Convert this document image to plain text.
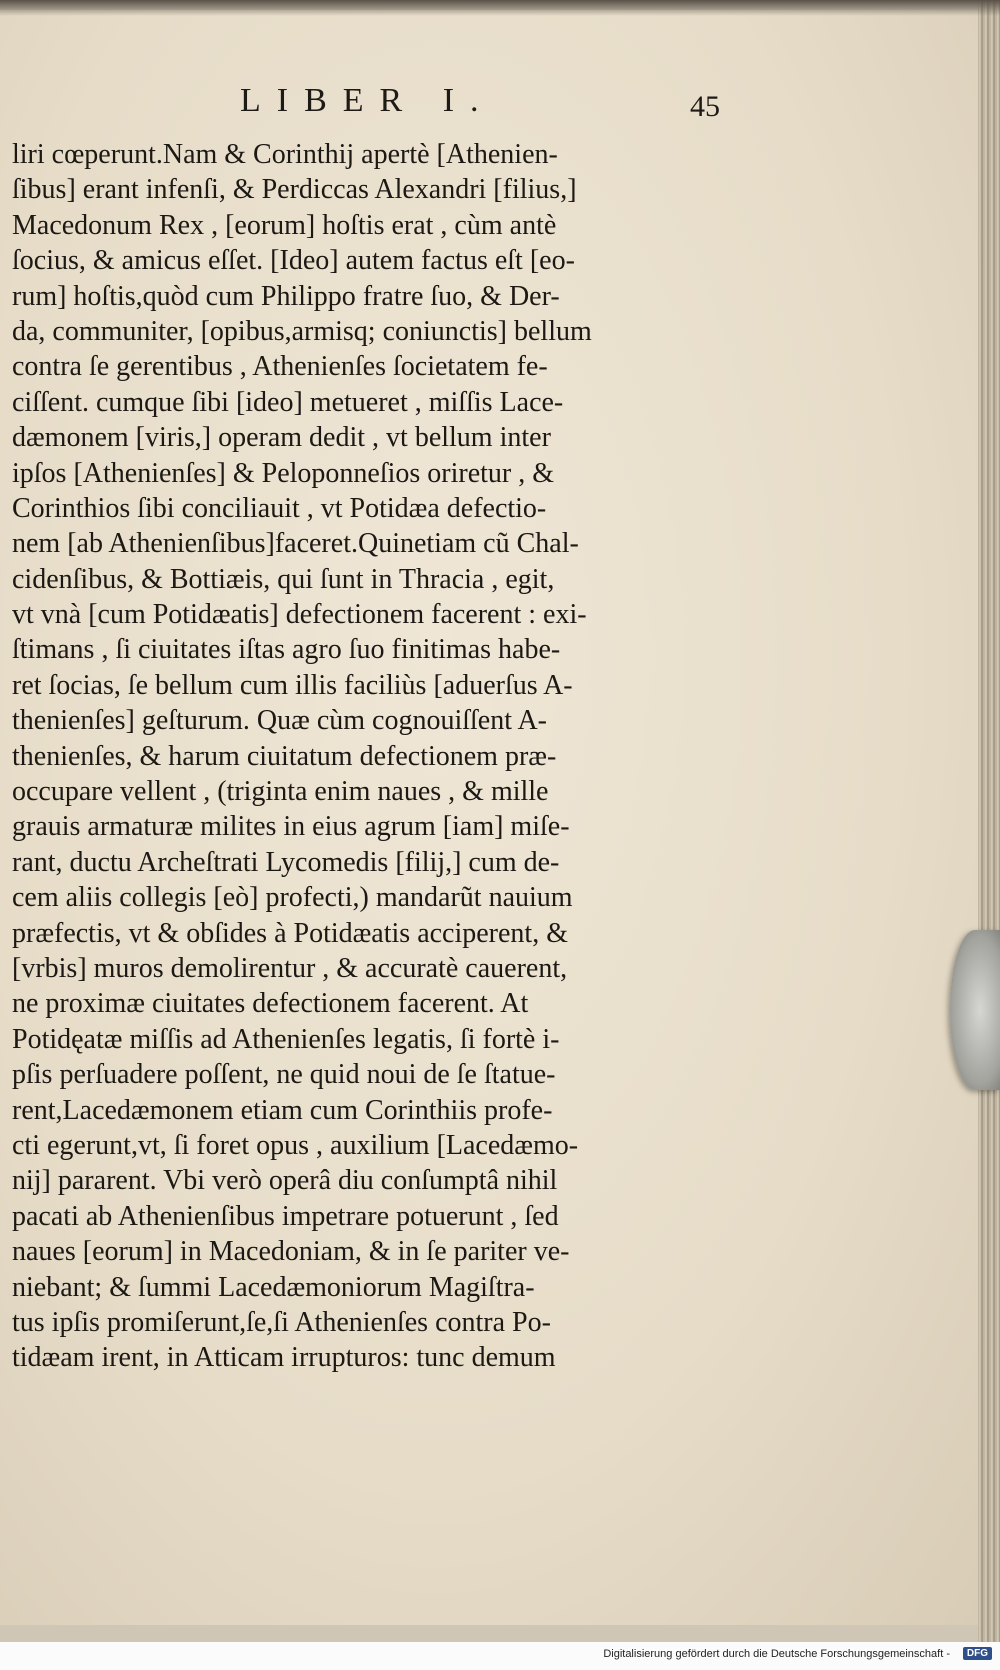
LIBER I.	45
liri cœperunt.Nam & Corinthij apertè [Athenien-
ſibus] erant infenſi, & Perdiccas Alexandri [filius,]
Macedonum Rex , [eorum] hoſtis erat , cùm antè
ſocius, & amicus eſſet. [Ideo] autem factus eſt [eo-
rum] hoſtis,quòd cum Philippo fratre ſuo, & Der-
da, communiter, [opibus,armisq; coniunctis] bellum
contra ſe gerentibus , Athenienſes ſocietatem fe-
ciſſent. cumque ſibi [ideo] metueret , miſſis Lace-
dæmonem [viris,] operam dedit , vt bellum inter
ipſos [Athenienſes] & Peloponneſios oriretur , &
Corinthios ſibi conciliauit , vt Potidæa defectio-
nem [ab Athenienſibus]faceret.Quinetiam cũ Chal-
cidenſibus, & Bottiæis, qui ſunt in Thracia , egit,
vt vnà [cum Potidæatis] defectionem facerent : exi-
ſtimans , ſi ciuitates iſtas agro ſuo finitimas habe-
ret ſocias, ſe bellum cum illis faciliùs [aduerſus A-
thenienſes] geſturum. Quæ cùm cognouiſſent A-
thenienſes, & harum ciuitatum defectionem præ-
occupare vellent , (triginta enim naues , & mille
grauis armaturæ milites in eius agrum [iam] miſe-
rant, ductu Archeſtrati Lycomedis [filij,] cum de-
cem aliis collegis [eò] profecti,) mandarũt nauium
præfectis, vt & obſides à Potidæatis acciperent, &
[vrbis] muros demolirentur , & accuratè cauerent,
ne proximæ ciuitates defectionem facerent. At
Potidęatæ miſſis ad Athenienſes legatis, ſi fortè i-
pſis perſuadere poſſent, ne quid noui de ſe ſtatue-
rent,Lacedæmonem etiam cum Corinthiis profe-
cti egerunt,vt, ſi foret opus , auxilium [Lacedæmo-
nij] pararent. Vbi verò operâ diu conſumptâ nihil
pacati ab Athenienſibus impetrare potuerunt , ſed
naues [eorum] in Macedoniam, & in ſe pariter ve-
niebant; & ſummi Lacedæmoniorum Magiſtra-
tus ipſis promiſerunt,ſe,ſi Athenienſes contra Po-
tidæam irent, in Atticam irrupturos: tunc demum
Digitalisierung gefördert durch die Deutsche Forschungsgemeinschaft -	DFG
